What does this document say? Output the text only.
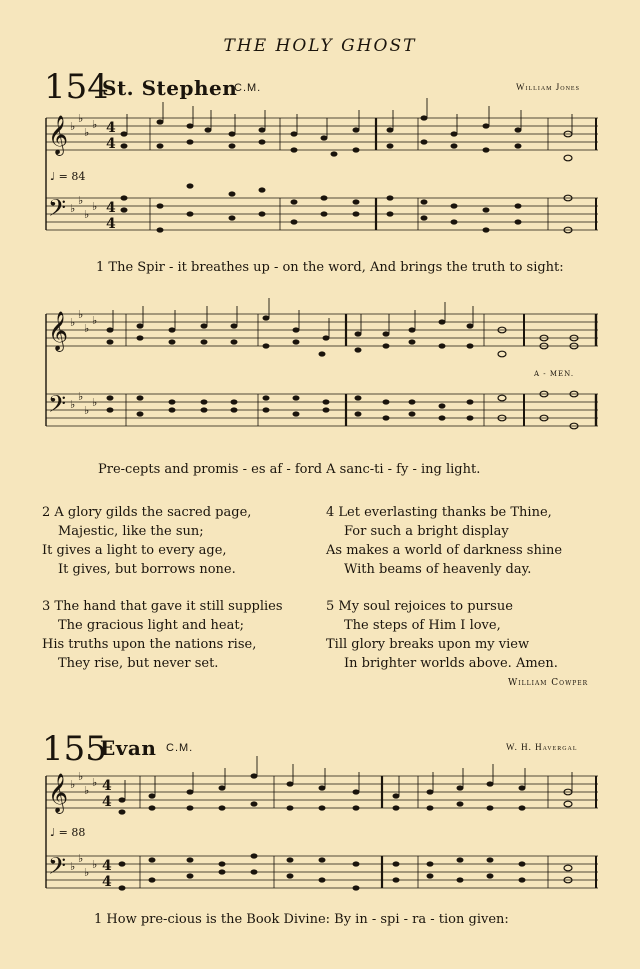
THE HOLY GHOST
154
St. Stephen
C.M.	William Jones
♩ = 84
𝄞
𝄢
♭
♭
♭
♭
♭
♭
♭
♭
4
4
4
4
1 The Spir - it breathes up - on the word, And brings the truth to sight:
𝄞
𝄢
♭
♭
♭
♭
♭
♭
♭
♭
A - MEN.
Pre-cepts and promis - es af - ford A sanc-ti - fy - ing light.
2 A glory gilds the sacred page,
Majestic, like the sun;
It gives a light to every age,
It gives, but borrows none.
3 The hand that gave it still supplies
The gracious light and heat;
His truths upon the nations rise,
They rise, but never set.
4 Let everlasting thanks be Thine,
For such a bright display
As makes a world of darkness shine
With beams of heavenly day.
5 My soul rejoices to pursue
The steps of Him I love,
Till glory breaks upon my view
In brighter worlds above. Amen.
William Cowper
155
Evan C.M.	W. H. Havergal
♩ = 88
𝄞
𝄢
♭
♭
♭
♭
♭
♭
♭
♭
4
4
4
4
1 How pre-cious is the Book Divine: By in - spi - ra - tion given:
